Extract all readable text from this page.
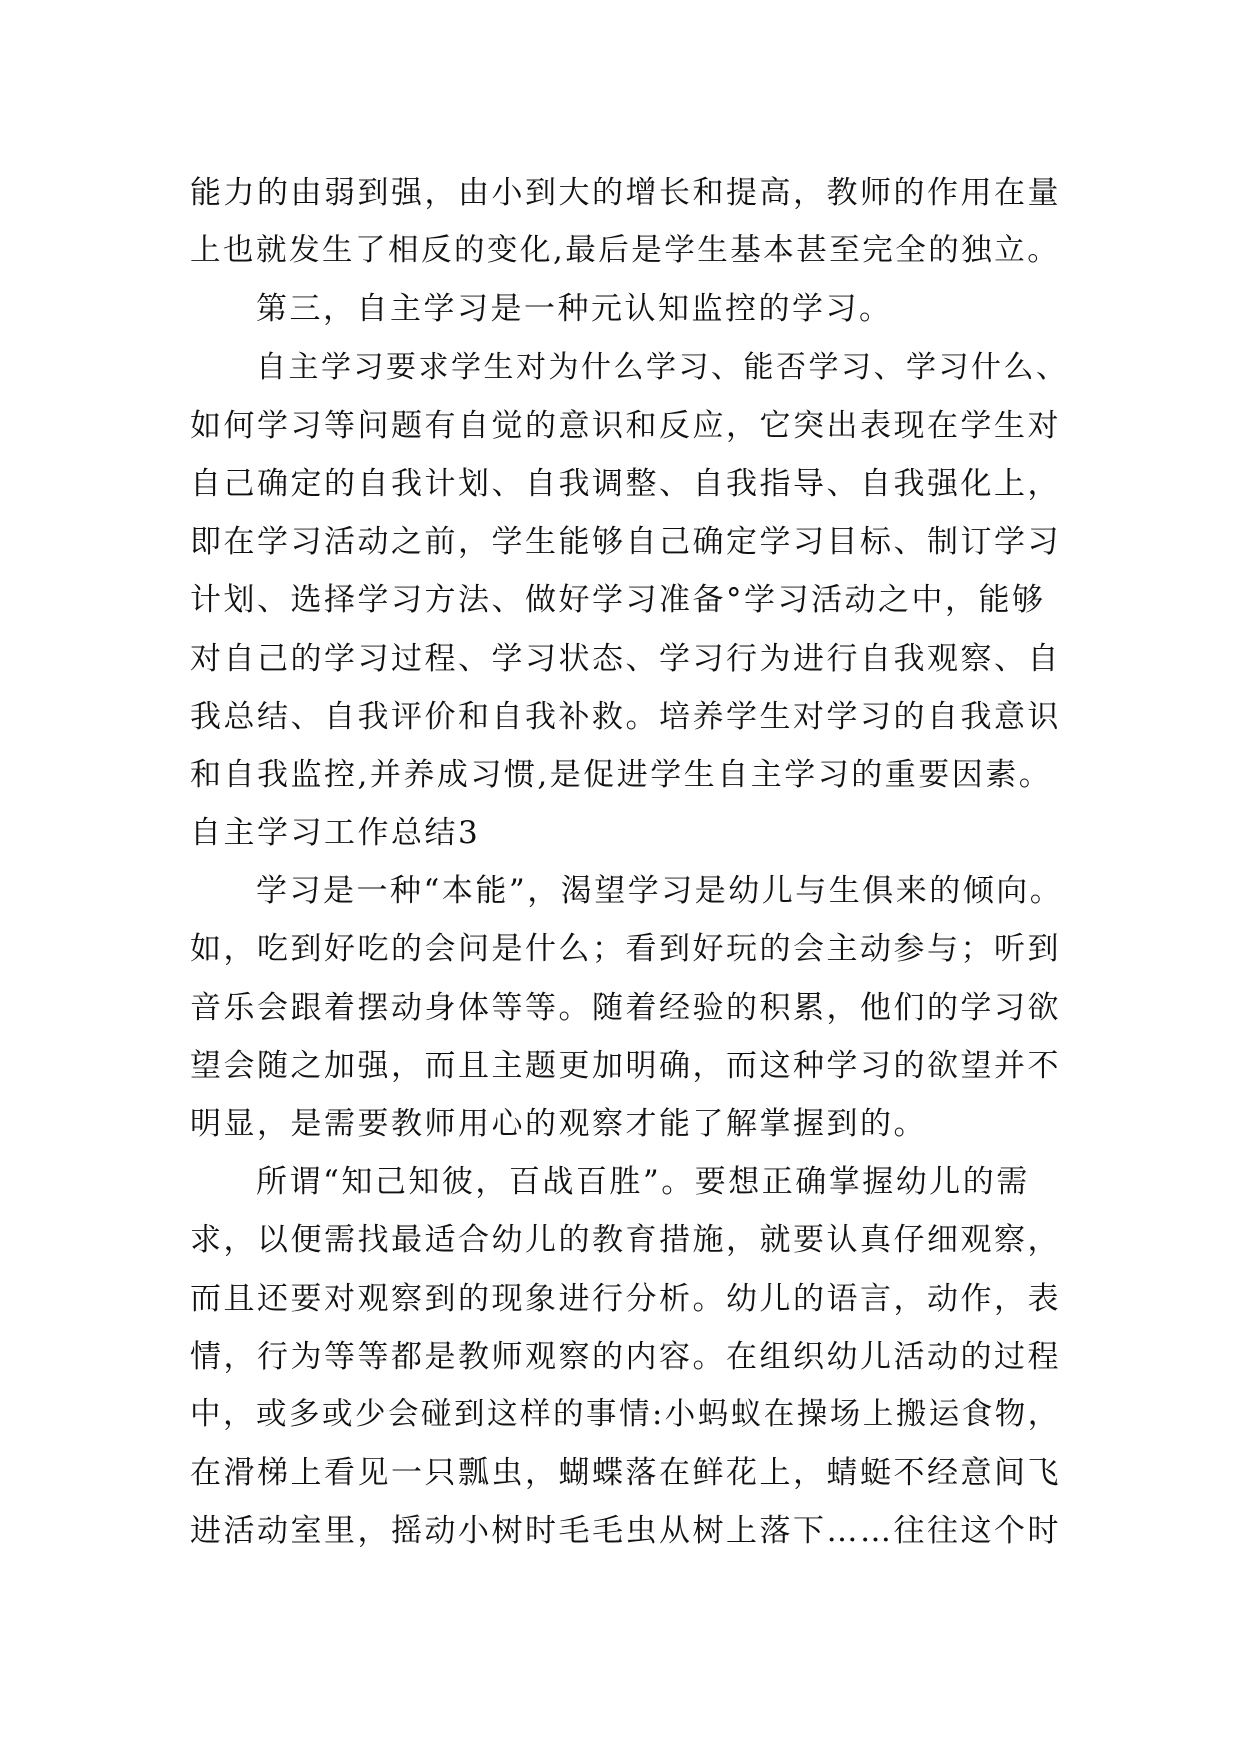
能力的由弱到强，由小到大的增长和提高，教师的作用在量
上也就发生了相反的变化,最后是学生基本甚至完全的独立。
第三，自主学习是一种元认知监控的学习。
自主学习要求学生对为什么学习、能否学习、学习什么、
如何学习等问题有自觉的意识和反应，它突出表现在学生对
自己确定的自我计划、自我调整、自我指导、自我强化上，
即在学习活动之前，学生能够自己确定学习目标、制订学习
计划、选择学习方法、做好学习准备°学习活动之中，能够
对自己的学习过程、学习状态、学习行为进行自我观察、自
我总结、自我评价和自我补救。培养学生对学习的自我意识
和自我监控,并养成习惯,是促进学生自主学习的重要因素。
自主学习工作总结3
学习是一种“本能”，渴望学习是幼儿与生俱来的倾向。
如，吃到好吃的会问是什么；看到好玩的会主动参与；听到
音乐会跟着摆动身体等等。随着经验的积累，他们的学习欲
望会随之加强，而且主题更加明确，而这种学习的欲望并不
明显，是需要教师用心的观察才能了解掌握到的。
所谓“知己知彼，百战百胜”。要想正确掌握幼儿的需
求，以便需找最适合幼儿的教育措施，就要认真仔细观察，
而且还要对观察到的现象进行分析。幼儿的语言，动作，表
情，行为等等都是教师观察的内容。在组织幼儿活动的过程
中，或多或少会碰到这样的事情:小蚂蚁在操场上搬运食物，
在滑梯上看见一只瓢虫，蝴蝶落在鲜花上，蜻蜓不经意间飞
进活动室里，摇动小树时毛毛虫从树上落下……往往这个时
